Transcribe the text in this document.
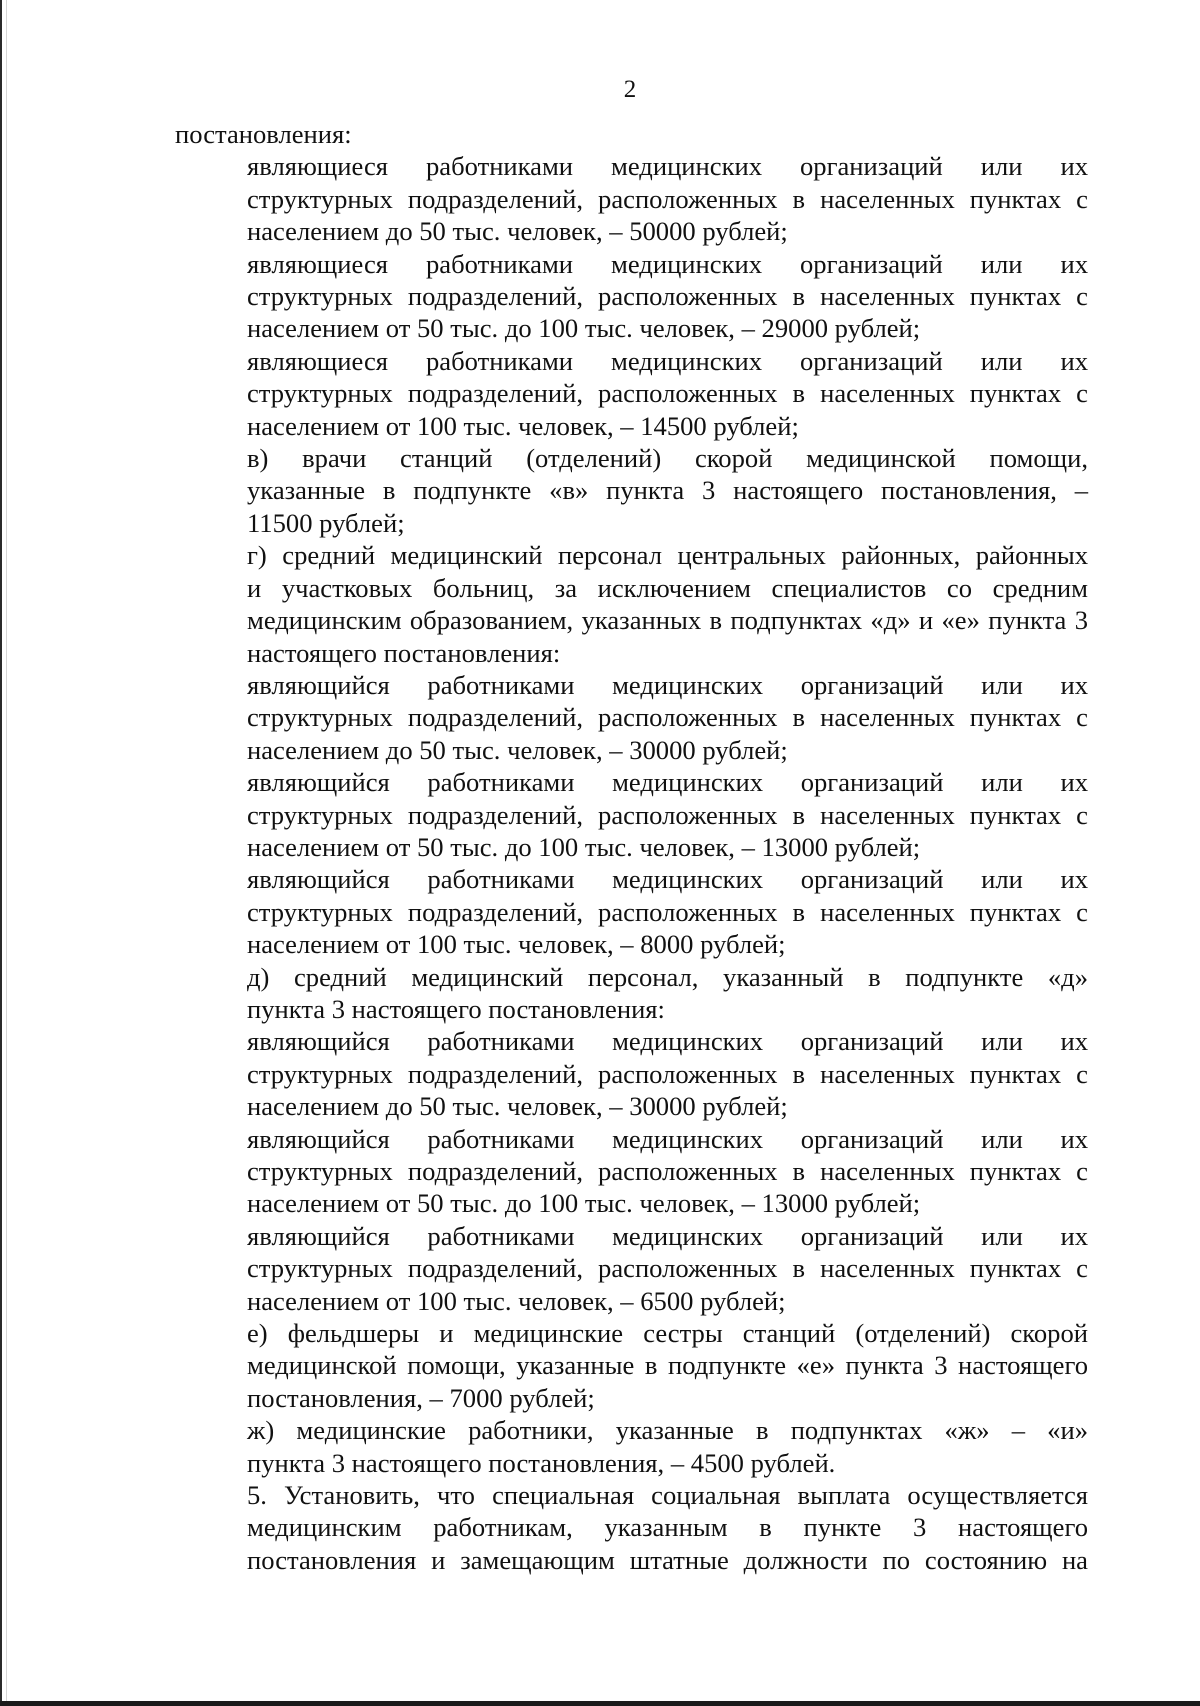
2

постановления:

являющиеся работниками медицинских организаций или их
структурных подразделений, расположенных в населенных пунктах с
населением до 50 тыс. человек, – 50000 рублей;

являющиеся работниками медицинских организаций или их
структурных подразделений, расположенных в населенных пунктах с
населением от 50 тыс. до 100 тыс. человек, – 29000 рублей;

являющиеся работниками медицинских организаций или их
структурных подразделений, расположенных в населенных пунктах с
населением от 100 тыс. человек, – 14500 рублей;

в) врачи станций (отделений) скорой медицинской помощи,
указанные в подпункте «в» пункта 3 настоящего постановления, –
11500 рублей;

г) средний медицинский персонал центральных районных, районных
и участковых больниц, за исключением специалистов со средним
медицинским образованием, указанных в подпунктах «д» и «е» пункта 3
настоящего постановления:

являющийся работниками медицинских организаций или их
структурных подразделений, расположенных в населенных пунктах с
населением до 50 тыс. человек, – 30000 рублей;

являющийся работниками медицинских организаций или их
структурных подразделений, расположенных в населенных пунктах с
населением от 50 тыс. до 100 тыс. человек, – 13000 рублей;

являющийся работниками медицинских организаций или их
структурных подразделений, расположенных в населенных пунктах с
населением от 100 тыс. человек, – 8000 рублей;

д) средний медицинский персонал, указанный в подпункте «д»
пункта 3 настоящего постановления:

являющийся работниками медицинских организаций или их
структурных подразделений, расположенных в населенных пунктах с
населением до 50 тыс. человек, – 30000 рублей;

являющийся работниками медицинских организаций или их
структурных подразделений, расположенных в населенных пунктах с
населением от 50 тыс. до 100 тыс. человек, – 13000 рублей;

являющийся работниками медицинских организаций или их
структурных подразделений, расположенных в населенных пунктах с
населением от 100 тыс. человек, – 6500 рублей;

е) фельдшеры и медицинские сестры станций (отделений) скорой
медицинской помощи, указанные в подпункте «е» пункта 3 настоящего
постановления, – 7000 рублей;

ж) медицинские работники, указанные в подпунктах «ж» – «и»
пункта 3 настоящего постановления, – 4500 рублей.

5. Установить, что специальная социальная выплата осуществляется
медицинским работникам, указанным в пункте 3 настоящего
постановления и замещающим штатные должности по состоянию на
